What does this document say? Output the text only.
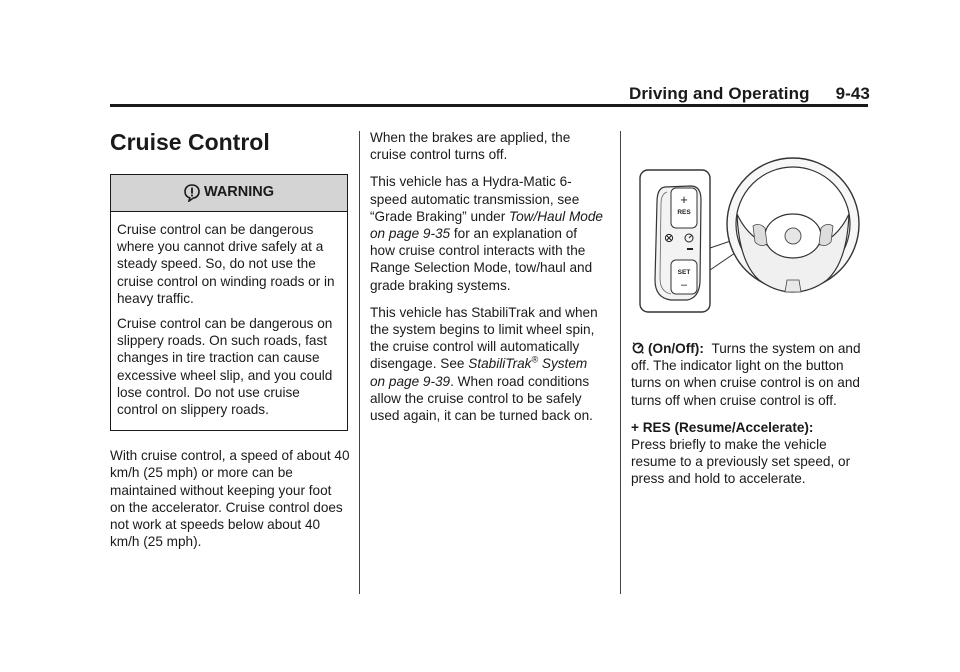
Driving and Operating 9-43
Cruise Control
WARNING

Cruise control can be dangerous where you cannot drive safely at a steady speed. So, do not use the cruise control on winding roads or in heavy traffic.

Cruise control can be dangerous on slippery roads. On such roads, fast changes in tire traction can cause excessive wheel slip, and you could lose control. Do not use cruise control on slippery roads.

With cruise control, a speed of about 40 km/h (25 mph) or more can be maintained without keeping your foot on the accelerator. Cruise control does not work at speeds below about 40 km/h (25 mph).

When the brakes are applied, the cruise control turns off.

This vehicle has a Hydra-Matic 6-speed automatic transmission, see “Grade Braking” under Tow/Haul Mode on page 9-35 for an explanation of how cruise control interacts with the Range Selection Mode, tow/haul and grade braking systems.

This vehicle has StabiliTrak and when the system begins to limit wheel spin, the cruise control will automatically disengage. See StabiliTrak® System on page 9-39. When road conditions allow the cruise control to be safely used again, it can be turned back on.

+
RES
SET
–

(On/Off): Turns the system on and off. The indicator light on the button turns on when cruise control is on and turns off when cruise control is off.

+ RES (Resume/Accelerate):
Press briefly to make the vehicle resume to a previously set speed, or press and hold to accelerate.
